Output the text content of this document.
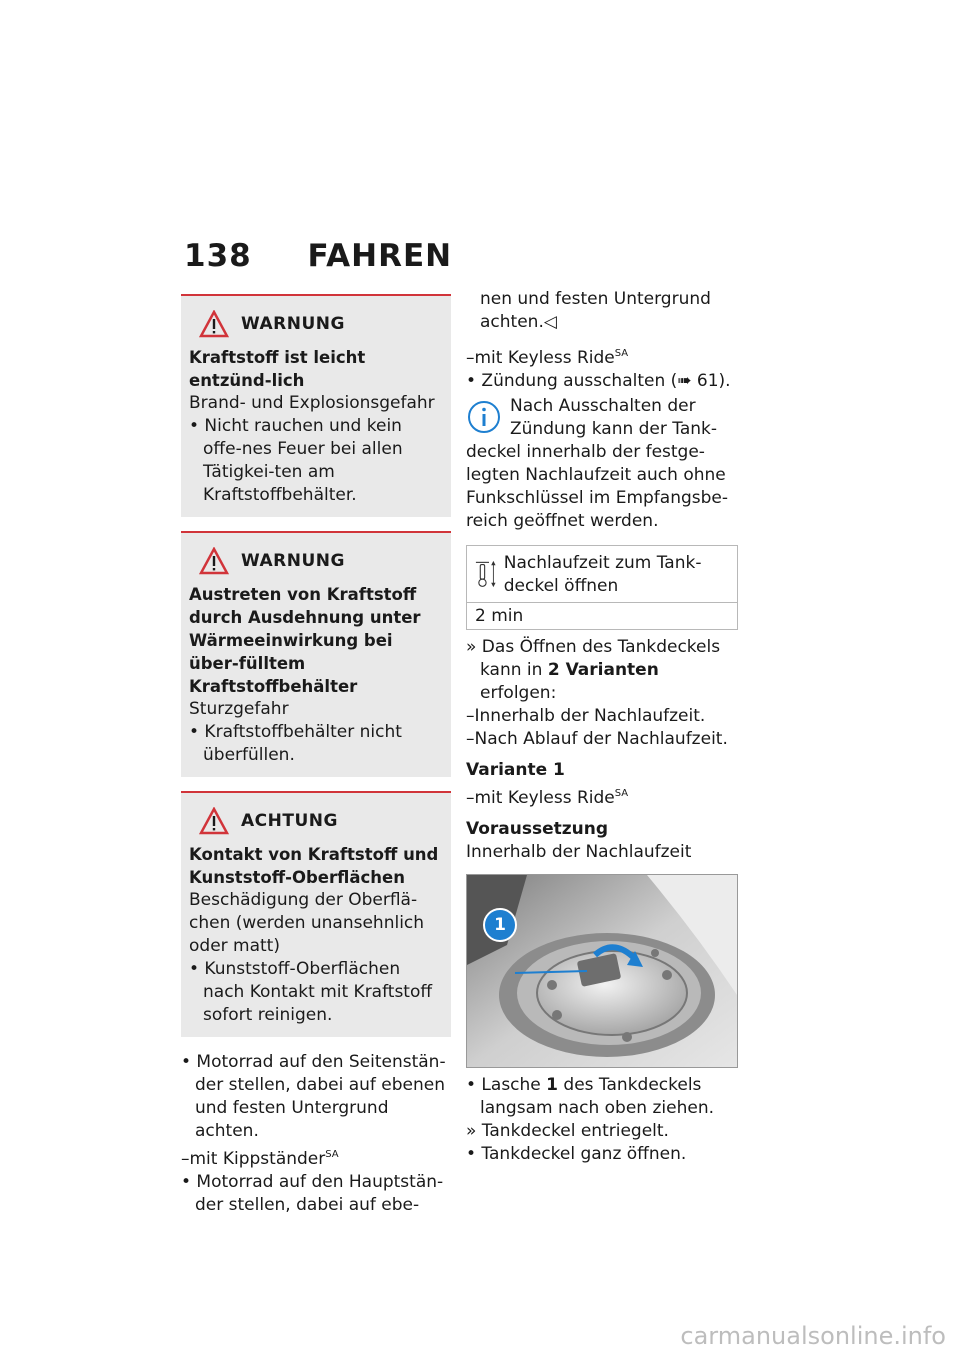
138 FAHREN
WARNUNG
Kraftstoff ist leicht entzünd-lich
Brand- und Explosionsgefahr
• Nicht rauchen und kein offe-nes Feuer bei allen Tätigkei-ten am Kraftstoffbehälter.
WARNUNG
Austreten von Kraftstoff durch Ausdehnung unter Wärmeeinwirkung bei über-fülltem Kraftstoffbehälter
Sturzgefahr
• Kraftstoffbehälter nicht überfüllen.
ACHTUNG
Kontakt von Kraftstoff und Kunststoff-Oberflächen
Beschädigung der Oberflä-chen (werden unansehnlich oder matt)
• Kunststoff-Oberflächen nach Kontakt mit Kraftstoff sofort reinigen.
• Motorrad auf den Seitenstän-der stellen, dabei auf ebenen und festen Untergrund achten.
–mit Kippständer$^{SA}$
• Motorrad auf den Hauptstän-der stellen, dabei auf ebe-
nen und festen Untergrund achten.◁
–mit Keyless Ride$^{SA}$
• Zündung ausschalten (➠ 61).
Nach Ausschalten der Zündung kann der Tank-deckel innerhalb der festge-legten Nachlaufzeit auch ohne Funkschlüssel im Empfangsbe-reich geöffnet werden.
Nachlaufzeit zum Tank-deckel öffnen
2 min
» Das Öffnen des Tankdeckels kann in 2 Varianten erfolgen:
–Innerhalb der Nachlaufzeit.
–Nach Ablauf der Nachlaufzeit.
Variante 1
–mit Keyless Ride$^{SA}$
Voraussetzung
Innerhalb der Nachlaufzeit
1
• Lasche 1 des Tankdeckels langsam nach oben ziehen.
» Tankdeckel entriegelt.
• Tankdeckel ganz öffnen.
carmanualsonline.info
